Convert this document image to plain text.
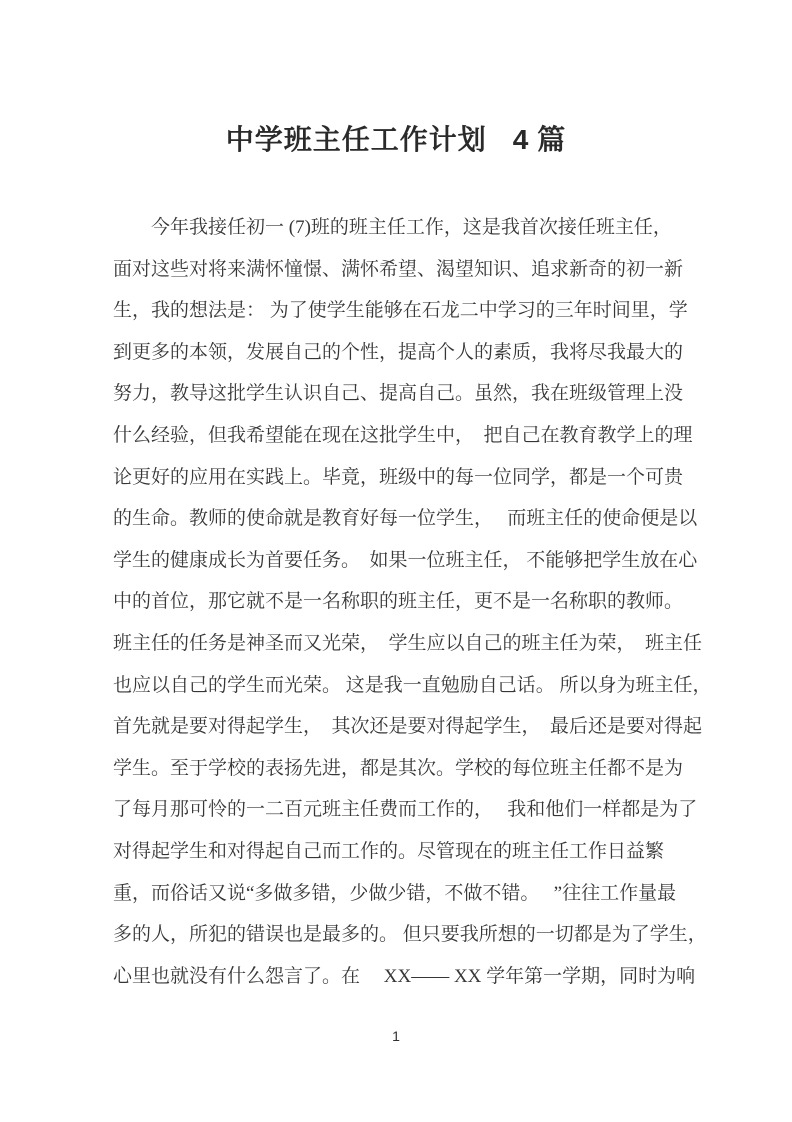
中学班主任工作计划 4 篇
　　今年我接任初一 (7)班的班主任工作，这是我首次接任班主任，
面对这些对将来满怀憧憬、满怀希望、渴望知识、追求新奇的初一新
生，我的想法是： 为了使学生能够在石龙二中学习的三年时间里，学
到更多的本领，发展自己的个性，提高个人的素质，我将尽我最大的
努力，教导这批学生认识自己、提高自己。虽然，我在班级管理上没
什么经验，但我希望能在现在这批学生中，　把自己在教育教学上的理
论更好的应用在实践上。毕竟，班级中的每一位同学，都是一个可贵
的生命。教师的使命就是教育好每一位学生，　 而班主任的使命便是以
学生的健康成长为首要任务。　如果一位班主任， 不能够把学生放在心
中的首位，那它就不是一名称职的班主任，更不是一名称职的教师。
班主任的任务是神圣而又光荣，　学生应以自己的班主任为荣，　班主任
也应以自己的学生而光荣。 这是我一直勉励自己话。 所以身为班主任，
首先就是要对得起学生，　其次还是要对得起学生，　最后还是要对得起
学生。至于学校的表扬先进，都是其次。学校的每位班主任都不是为
了每月那可怜的一二百元班主任费而工作的，　 我和他们一样都是为了
对得起学生和对得起自己而工作的。尽管现在的班主任工作日益繁
重，而俗话又说“多做多错，少做少错，不做不错。　 ”往往工作量最
多的人，所犯的错误也是最多的。 但只要我所想的一切都是为了学生，
心里也就没有什么怨言了。在　 XX—— XX 学年第一学期，同时为响
1
